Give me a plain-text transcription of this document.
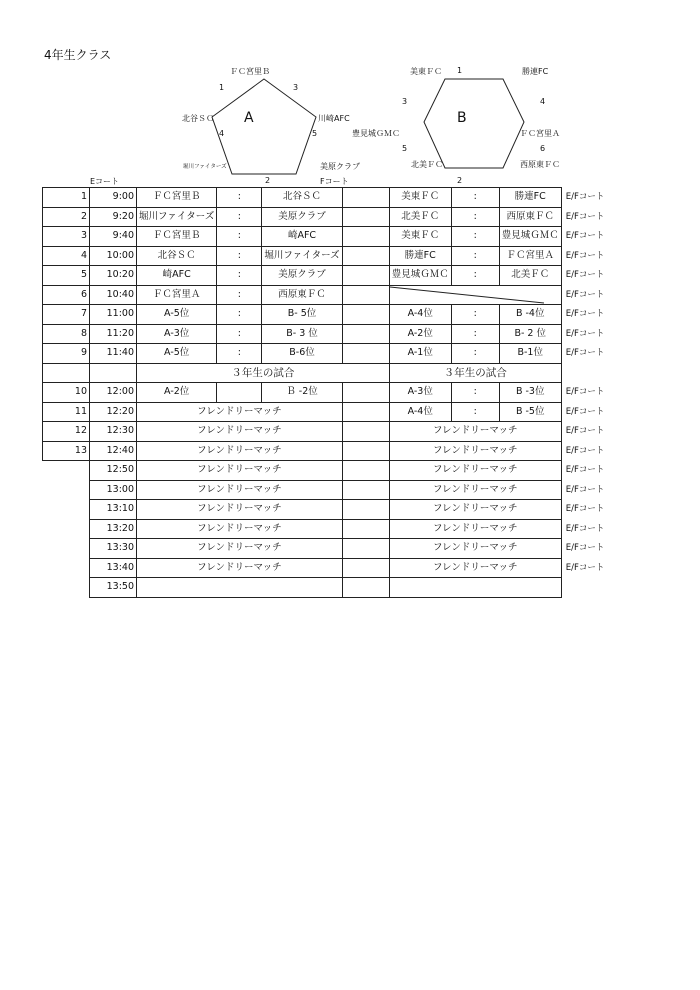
4年生クラス
ＦＣ宮里Ｂ
川崎AFC
美原クラブ
堀川ファイターズ
北谷ＳＣ
1	3
4	5
2
A
Eコート
美東ＦＣ	勝連FC
ＦＣ宮里Ａ
西原東ＦＣ
北美ＦＣ
豊見城ＧＭＣ
1
4
3
5	6
2
B
Fコート
1	9:00	ＦＣ宮里Ｂ	:	北谷ＳＣ		美東ＦＣ	:	勝連FC	E/Fコート
2	9:20	堀川ファイターズ	:	美原クラブ		北美ＦＣ	:	西原東ＦＣ	E/Fコート
3	9:40	ＦＣ宮里Ｂ	:	崎AFC		美東ＦＣ	:	豊見城ＧＭＣ	E/Fコート
4	10:00	北谷ＳＣ	:	堀川ファイターズ		勝連FC	:	ＦＣ宮里Ａ	E/Fコート
5	10:20	崎AFC	:	美原クラブ		豊見城ＧＭＣ	:	北美ＦＣ	E/Fコート
6	10:40	ＦＣ宮里Ａ	:	西原東ＦＣ					E/Fコート
7	11:00	A-5位	:	B- 5位		A-4位	:	B -4位	E/Fコート
8	11:20	A-3位	:	B- 3 位		A-2位	:	B- 2 位	E/Fコート
9	11:40	A-5位	:	B-6位		A-1位	:	B-1位	E/Fコート
		３年生の試合				３年生の試合			
10	12:00	A-2位		Ｂ -2位		A-3位	:	B -3位	E/Fコート
11	12:20	フレンドリーマッチ				A-4位	:	B -5位	E/Fコート
12	12:30	フレンドリーマッチ				フレンドリーマッチ			E/Fコート
13	12:40	フレンドリーマッチ				フレンドリーマッチ			E/Fコート
	12:50	フレンドリーマッチ				フレンドリーマッチ			E/Fコート
	13:00	フレンドリーマッチ				フレンドリーマッチ			E/Fコート
	13:10	フレンドリーマッチ				フレンドリーマッチ			E/Fコート
	13:20	フレンドリーマッチ				フレンドリーマッチ			E/Fコート
	13:30	フレンドリーマッチ				フレンドリーマッチ			E/Fコート
	13:40	フレンドリーマッチ				フレンドリーマッチ			E/Fコート
	13:50								
